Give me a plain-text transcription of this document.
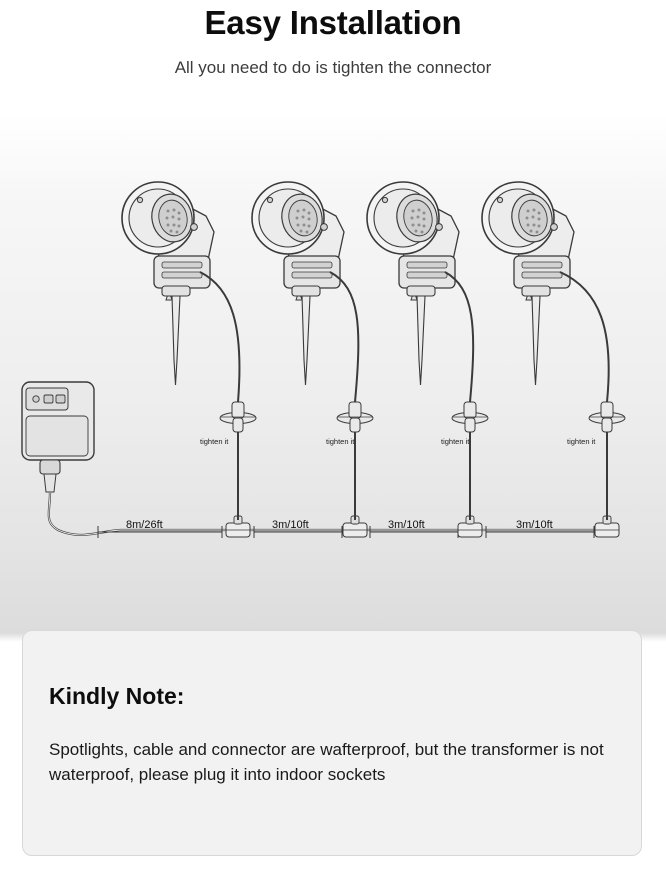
Easy Installation

All you need to do is tighten the connector

tighten it	tighten it	tighten it	tighten it
8m/26ft	3m/10ft	3m/10ft	3m/10ft
Kindly Note:

Spotlights, cable and connector are wafterproof, but the transformer is not waterproof, please plug it into indoor sockets
